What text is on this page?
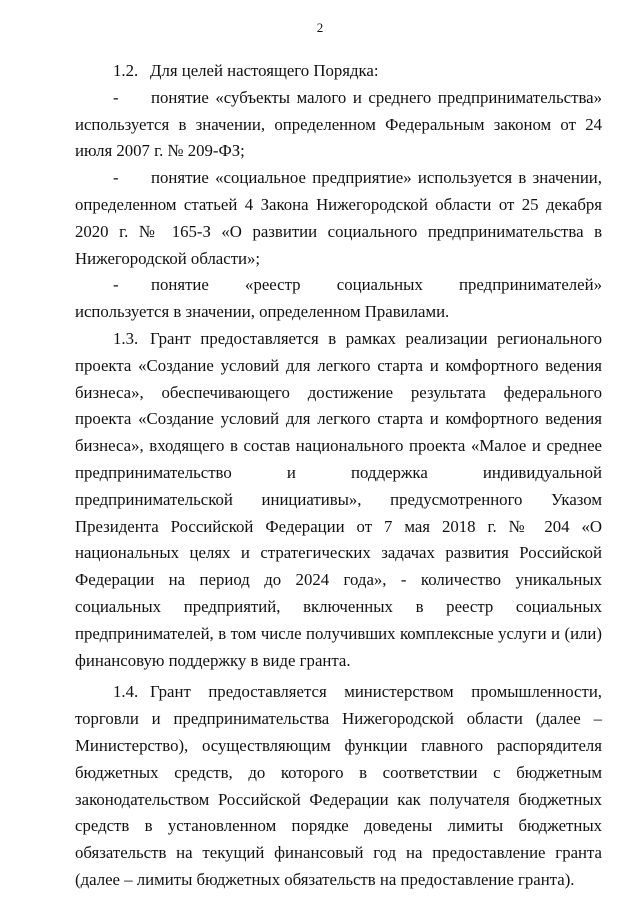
2

1.2. Для целей настоящего Порядка:

- понятие «субъекты малого и среднего предпринимательства» используется в значении, определенном Федеральным законом от 24 июля 2007 г. № 209-ФЗ;

- понятие «социальное предприятие» используется в значении, определенном статьей 4 Закона Нижегородской области от 25 декабря 2020 г. № 165-З «О развитии социального предпринимательства в Нижегородской области»;

- понятие «реестр социальных предпринимателей» используется в значении, определенном Правилами.

1.3. Грант предоставляется в рамках реализации регионального проекта «Создание условий для легкого старта и комфортного ведения бизнеса», обеспечивающего достижение результата федерального проекта «Создание условий для легкого старта и комфортного ведения бизнеса», входящего в состав национального проекта «Малое и среднее предпринимательство и поддержка индивидуальной предпринимательской инициативы», предусмотренного Указом Президента Российской Федерации от 7 мая 2018 г. № 204 «О национальных целях и стратегических задачах развития Российской Федерации на период до 2024 года», - количество уникальных социальных предприятий, включенных в реестр социальных предпринимателей, в том числе получивших комплексные услуги и (или) финансовую поддержку в виде гранта.

1.4. Грант предоставляется министерством промышленности, торговли и предпринимательства Нижегородской области (далее – Министерство), осуществляющим функции главного распорядителя бюджетных средств, до которого в соответствии с бюджетным законодательством Российской Федерации как получателя бюджетных средств в установленном порядке доведены лимиты бюджетных обязательств на текущий финансовый год на предоставление гранта (далее – лимиты бюджетных обязательств на предоставление гранта).
